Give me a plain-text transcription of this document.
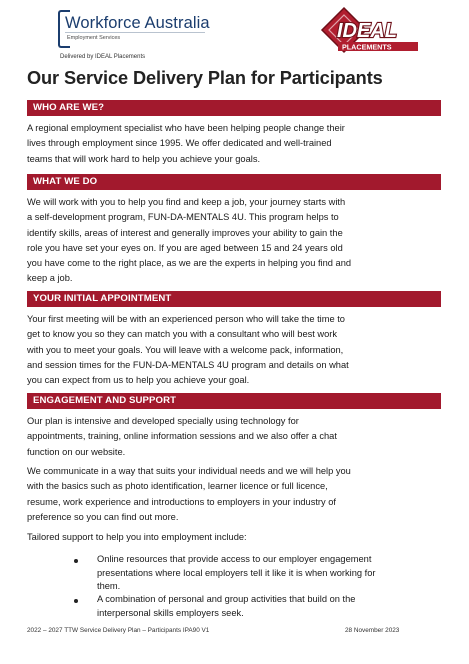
Workforce Australia
Employment Services
Delivered by IDEAL Placements
IDEAL
PLACEMENTS
Our Service Delivery Plan for Participants
WHO ARE WE?
A regional employment specialist who have been helping people change their
lives through employment since 1995. We offer dedicated and well-trained
teams that will work hard to help you achieve your goals.
WHAT WE DO
We will work with you to help you find and keep a job, your journey starts with
a self-development program, FUN-DA-MENTALS 4U. This program helps to
identify skills, areas of interest and generally improves your ability to gain the
role you have set your eyes on. If you are aged between 15 and 24 years old
you have come to the right place, as we are the experts in helping you find and
keep a job.
YOUR INITIAL APPOINTMENT
Your first meeting will be with an experienced person who will take the time to
get to know you so they can match you with a consultant who will best work
with you to meet your goals. You will leave with a welcome pack, information,
and session times for the FUN-DA-MENTALS 4U program and details on what
you can expect from us to help you achieve your goal.
ENGAGEMENT AND SUPPORT
Our plan is intensive and developed specially using technology for
appointments, training, online information sessions and we also offer a chat
function on our website.
We communicate in a way that suits your individual needs and we will help you
with the basics such as photo identification, learner licence or full licence,
resume, work experience and introductions to employers in your industry of
preference so you can find out more.
Tailored support to help you into employment include:
Online resources that provide access to our employer engagement
presentations where local employers tell it like it is when working for
them.
A combination of personal and group activities that build on the
interpersonal skills employers seek.
2022 – 2027 TTW Service Delivery Plan – Participants IPA90 V1	28 November 2023
